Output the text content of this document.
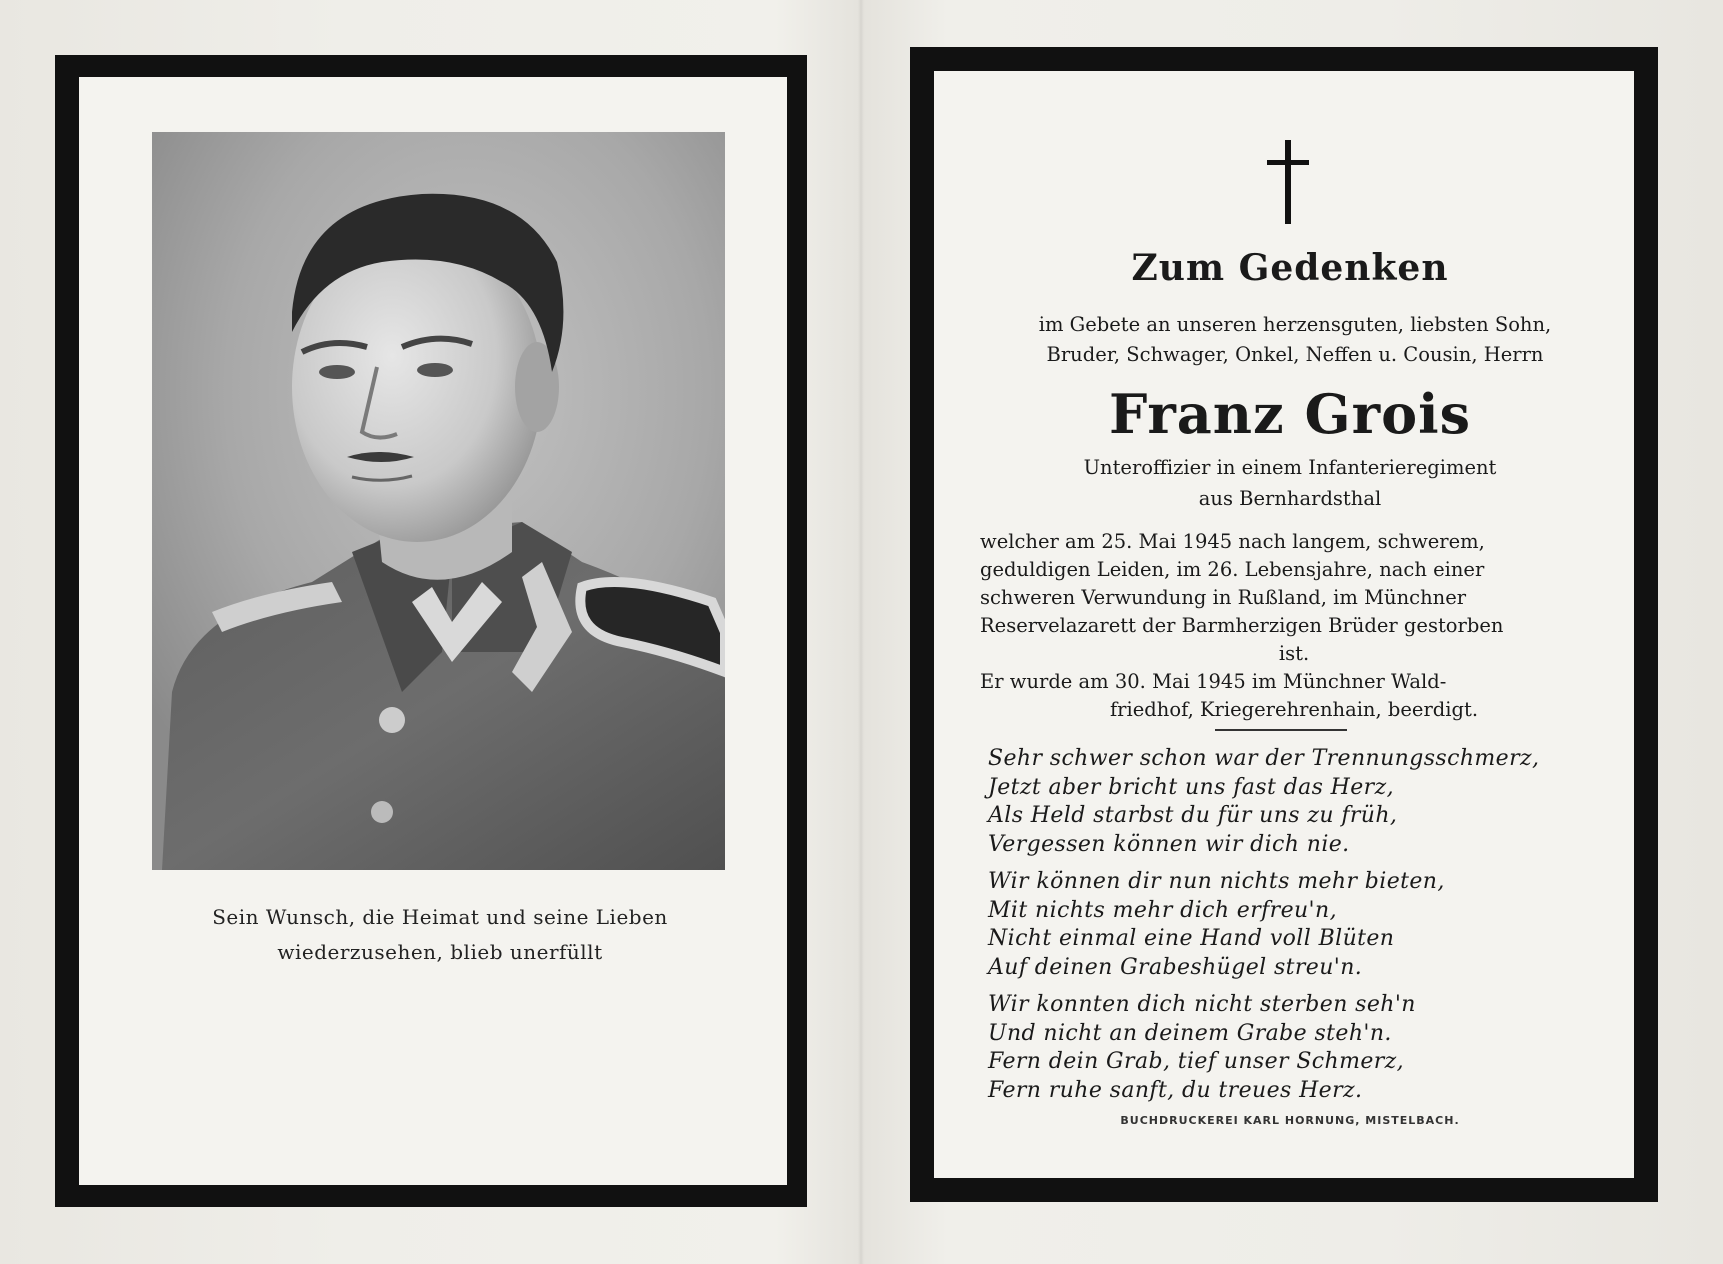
Sein Wunsch, die Heimat und seine Lieben
wiederzusehen, blieb unerfüllt
Zum Gedenken
im Gebete an unseren herzensguten, liebsten Sohn,
Bruder, Schwager, Onkel, Neffen u. Cousin, Herrn
Franz Grois
Unteroffizier in einem Infanterieregiment
aus Bernhardsthal
welcher am 25. Mai 1945 nach langem, schwerem,
geduldigen Leiden, im 26. Lebensjahre, nach einer
schweren Verwundung in Rußland, im Münchner
Reservelazarett der Barmherzigen Brüder gestorben
ist.
Er wurde am 30. Mai 1945 im Münchner Wald-
friedhof, Kriegerehrenhain, beerdigt.
Sehr schwer schon war der Trennungsschmerz,
Jetzt aber bricht uns fast das Herz,
Als Held starbst du für uns zu früh,
Vergessen können wir dich nie.
Wir können dir nun nichts mehr bieten,
Mit nichts mehr dich erfreu'n,
Nicht einmal eine Hand voll Blüten
Auf deinen Grabeshügel streu'n.
Wir konnten dich nicht sterben seh'n
Und nicht an deinem Grabe steh'n.
Fern dein Grab, tief unser Schmerz,
Fern ruhe sanft, du treues Herz.
BUCHDRUCKEREI KARL HORNUNG, MISTELBACH.
